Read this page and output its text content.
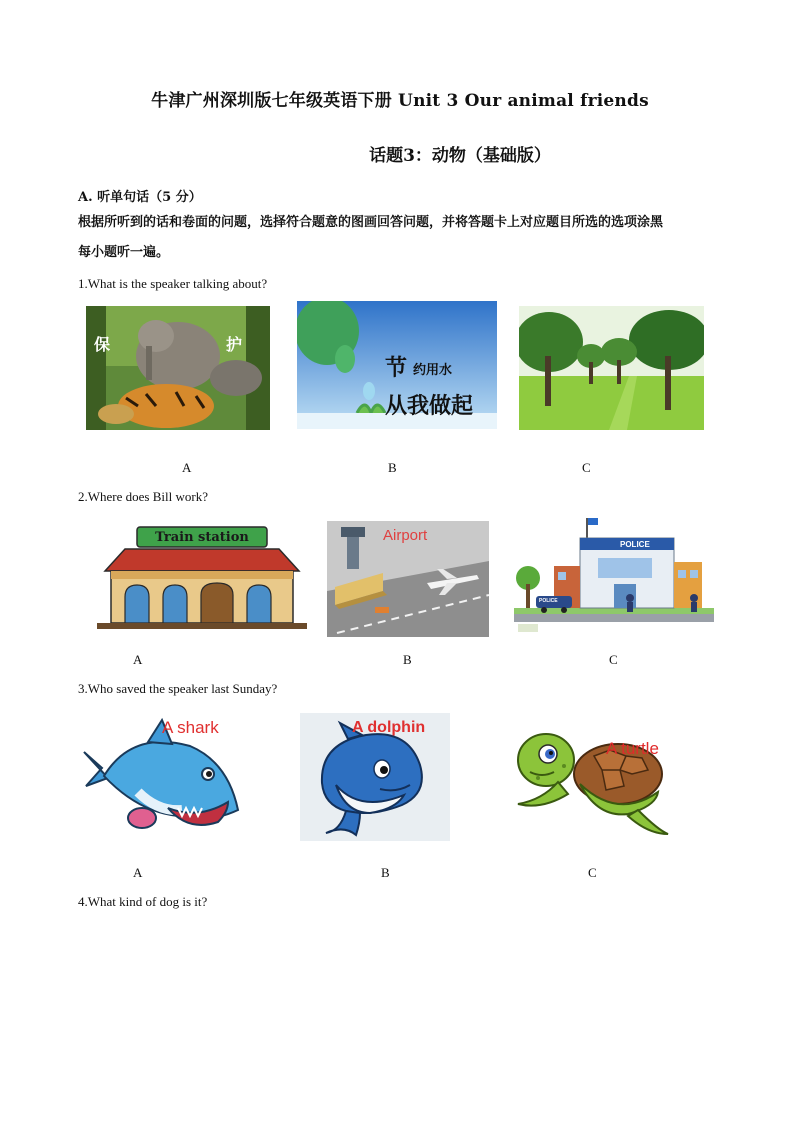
牛津广州深圳版七年级英语下册 Unit 3 Our animal friends
话题3：动物（基础版）
A. 听单句话（5 分）
根据所听到的话和卷面的问题，选择符合题意的图画回答问题，并将答题卡上对应题目所选的选项涂黑
每小题听一遍。
1.What is the speaker talking about?
保	护
节 约用水
从我做起
A	B	C
2.Where does Bill work?
Train station	Airport
POLICE
POLICE
A	B	C
3.Who saved the speaker last Sunday?
A shark	A dolphin
A turtle
A	B	C
4.What kind of dog is it?
